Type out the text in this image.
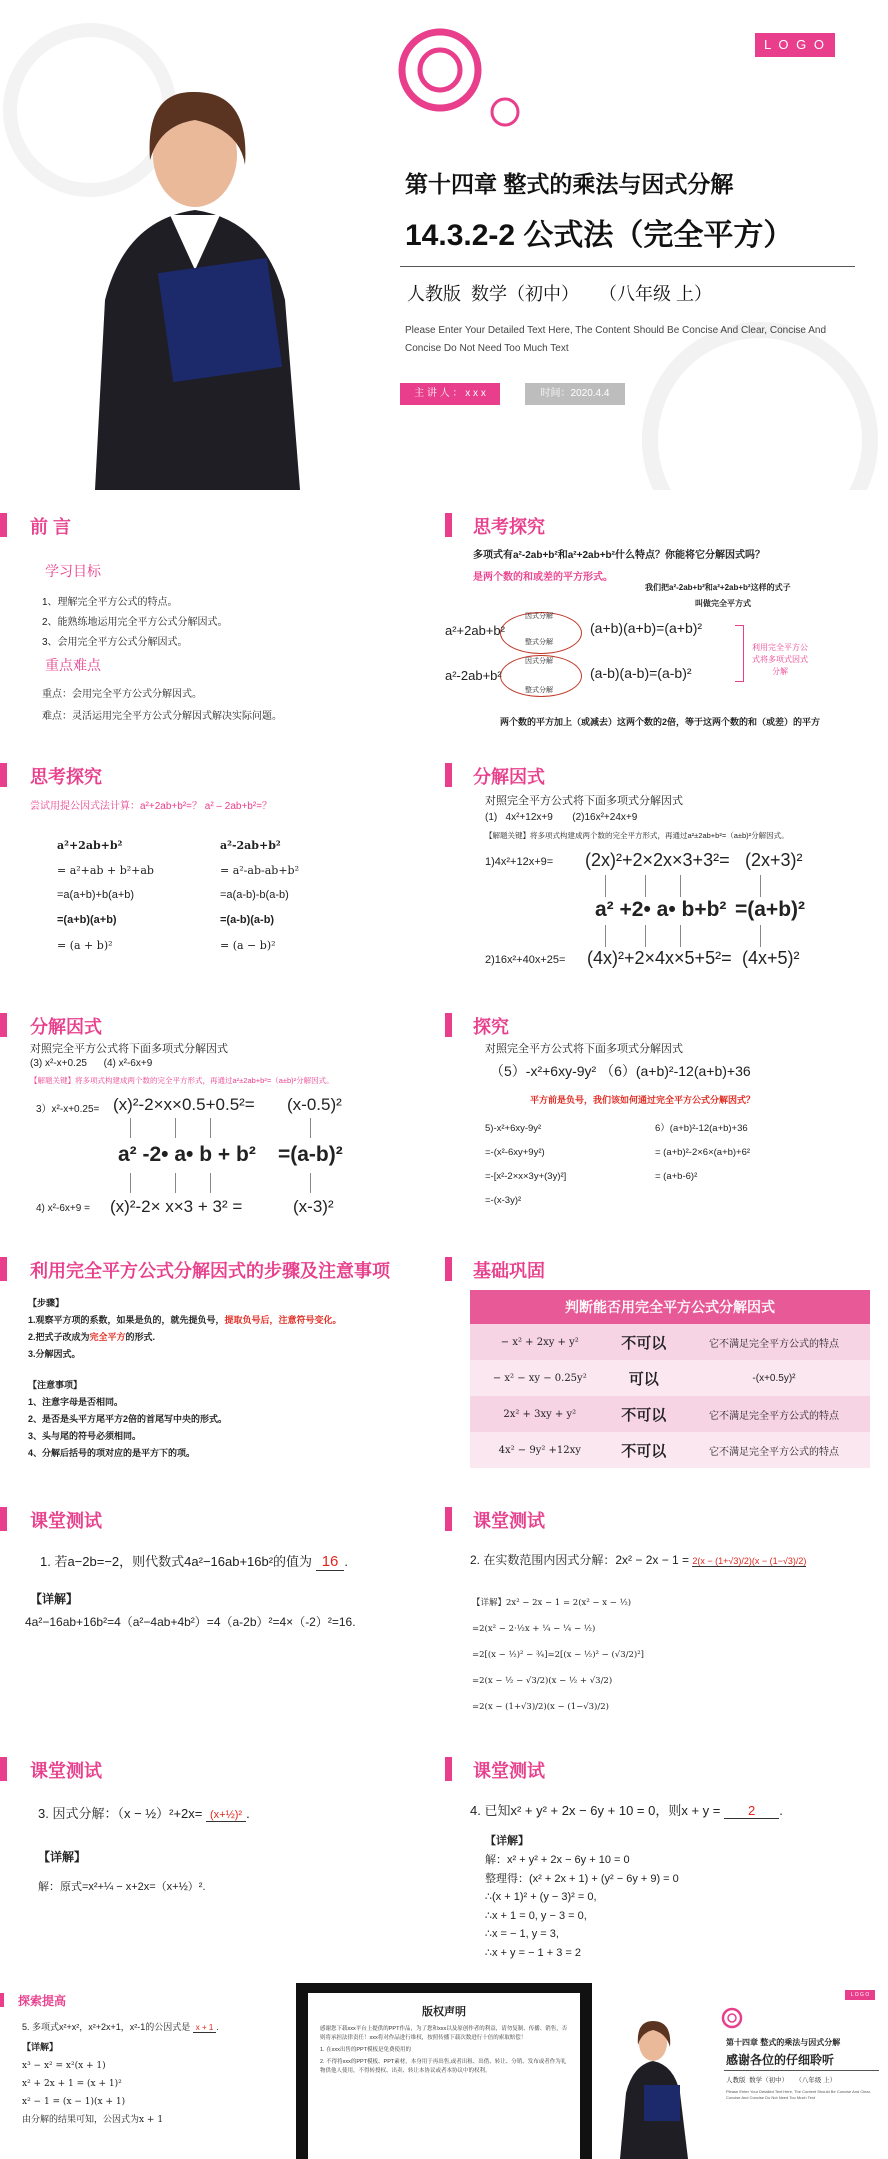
L O G O
第十四章 整式的乘法与因式分解
14.3.2-2 公式法（完全平方）
人教版  数学（初中）    （八年级 上）
Please Enter Your Detailed Text Here, The Content Should Be Concise And Clear, Concise And Concise Do Not Need Too Much Text
主 讲 人 ： x x x	时间：2020.4.4
前 言
学习目标
1、理解完全平方公式的特点。
2、能熟练地运用完全平方公式分解因式。
3、会用完全平方公式分解因式。
重点难点
重点：会用完全平方公式分解因式。
难点：灵活运用完全平方公式分解因式解决实际问题。
思考探究
多项式有a²-2ab+b²和a²+2ab+b²什么特点？你能将它分解因式吗？
是两个数的和或差的平方形式。
我们把a²-2ab+b²和a²+2ab+b²这样的式子
叫做完全平方式
因式分解
整式分解
因式分解
整式分解
a²+2ab+b²	(a+b)(a+b)=(a+b)²
a²-2ab+b²	(a-b)(a-b)=(a-b)²
利用完全平方公式将多项式因式分解
两个数的平方加上（或减去）这两个数的2倍，等于这两个数的和（或差）的平方
思考探究
尝试用提公因式法计算：a²+2ab+b²=？ a² – 2ab+b²=？
a²+2ab+b²
= a²+ab + b²+ab
=a(a+b)+b(a+b)
=(a+b)(a+b)
= (a + b)²
a²-2ab+b²
= a²-ab-ab+b²
=a(a-b)-b(a-b)
=(a-b)(a-b)
= (a − b)²
分解因式
对照完全平方公式将下面多项式分解因式
(1)   4x²+12x+9       (2)16x²+24x+9
【解题关键】将多项式构建成两个数的完全平方形式，再通过a²±2ab+b²=（a±b)²分解因式。
1)4x²+12x+9= (2x)²+2×2x×3+3²= (2x+3)²
a² +2• a• b+b² =(a+b)²
2)16x²+40x+25= (4x)²+2×4x×5+5²= (4x+5)²
分解因式
对照完全平方公式将下面多项式分解因式
(3) x²-x+0.25      (4) x²-6x+9
【解题关键】将多项式构建成两个数的完全平方形式，再通过a²±2ab+b²=（a±b)²分解因式。
3）x²-x+0.25= (x)²-2×x×0.5+0.5²= (x-0.5)²
a² -2• a• b + b² =(a-b)²
4) x²-6x+9 = (x)²-2× x×3 + 3² =	(x-3)²
探究
对照完全平方公式将下面多项式分解因式
（5）-x²+6xy-9y² （6）(a+b)²-12(a+b)+36
平方前是负号，我们该如何通过完全平方公式分解因式？
5)-x²+6xy-9y²
=-(x²-6xy+9y²)
=-[x²-2×x×3y+(3y)²]
=-(x-3y)²
6）(a+b)²-12(a+b)+36
= (a+b)²-2×6×(a+b)+6²
= (a+b-6)²
利用完全平方公式分解因式的步骤及注意事项
【步骤】
1.观察平方项的系数，如果是负的，就先提负号，提取负号后，注意符号变化。
2.把式子改成为完全平方的形式.
3.分解因式。
【注意事项】
1、注意字母是否相同。
2、是否是头平方尾平方2倍的首尾写中央的形式。
3、头与尾的符号必须相同。
4、分解后括号的项对应的是平方下的项。
基础巩固
判断能否用完全平方公式分解因式		
− x² + 2xy + y²	不可以	它不满足完全平方公式的特点
− x² − xy − 0.25y²	可以	-(x+0.5y)²
2x² + 3xy + y²	不可以	它不满足完全平方公式的特点
4x² − 9y² +12xy	不可以	它不满足完全平方公式的特点
课堂测试
1. 若a−2b=−2，则代数式4a²−16ab+16b²的值为 16 .
【详解】
4a²−16ab+16b²=4（a²−4ab+4b²）=4（a-2b）²=4×（-2）²=16.
课堂测试
2. 在实数范围内因式分解：2x² − 2x − 1 = 2(x − (1+√3)/2)(x − (1−√3)/2)
【详解】2x² − 2x − 1 = 2(x² − x − ½)
=2(x² − 2·½x + ¼ − ¼ − ½)
=2[(x − ½)² − ¾]=2[(x − ½)² − (√3/2)²]
=2(x − ½ − √3/2)(x − ½ + √3/2)
=2(x − (1+√3)/2)(x − (1−√3)/2)
课堂测试
3. 因式分解：（x − ½）²+2x= (x+½)² .
【详解】
解：原式=x²+¼ − x+2x=（x+½）².
课堂测试
4. 已知x² + y² + 2x − 6y + 10 = 0，则x + y = 2 .
【详解】
解：x² + y² + 2x − 6y + 10 = 0
整理得：(x² + 2x + 1) + (y² − 6y + 9) = 0
∴(x + 1)² + (y − 3)² = 0,
∴x + 1 = 0, y − 3 = 0,
∴x = − 1, y = 3,
∴x + y = − 1 + 3 = 2
探索提高
5. 多项式x²+x²，x²+2x+1，x²-1的公因式是 x + 1 .
【详解】
x³ − x² = x²(x + 1)
x² + 2x + 1 = (x + 1)²
x² − 1 = (x − 1)(x + 1)
由分解的结果可知，公因式为x + 1
版权声明
感谢您下载xxx平台上提供的PPT作品，为了您和xxx以及原创作者的利益，请勿复制、传播、销售，否则将承担法律责任！xxx将对作品进行维权，按照传播下载次数进行十倍的索取赔偿！
1. 在xxx出售的PPT模板是免费使用的
2. 不得将xxx的PPT模板、PPT素材，本身用于再出售,或者出租、出借、转让、分销、发布或者作为礼物供他人使用，不得转授权、出卖、转让本协议或者本协议中的权利。
L O G O
第十四章 整式的乘法与因式分解
感谢各位的仔细聆听
人教版  数学（初中）    （八年级 上）
Please Enter Your Detailed Text Here, The Content Should Be Concise And Clear, Concise And Concise Do Not Need Too Much Text
